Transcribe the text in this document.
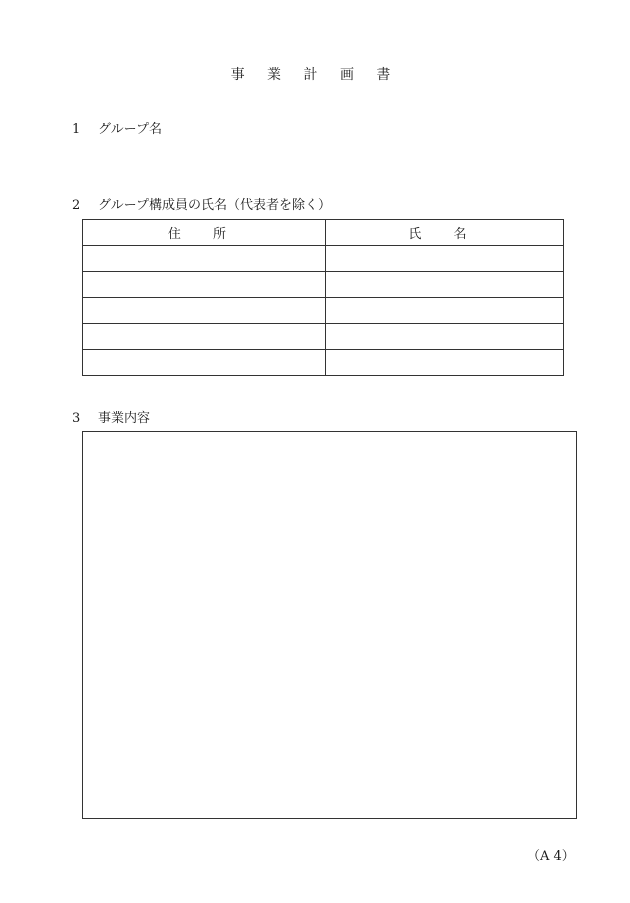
事 業 計 画 書
1 グループ名
2 グループ構成員の氏名（代表者を除く）
住 所	氏 名

3 事業内容
（A 4）
